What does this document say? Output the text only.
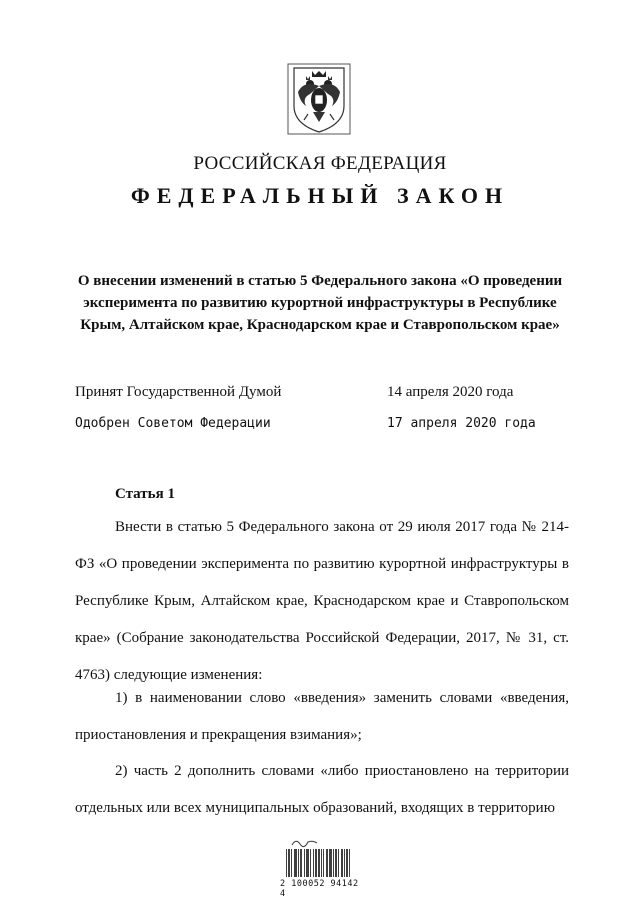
РОССИЙСКАЯ ФЕДЕРАЦИЯ
ФЕДЕРАЛЬНЫЙ ЗАКОН
О внесении изменений в статью 5 Федерального закона «О проведении эксперимента по развитию курортной инфраструктуры в Республике Крым, Алтайском крае, Краснодарском крае и Ставропольском крае»
Принят Государственной Думой	14 апреля 2020 года
Одобрен Советом Федерации	17 апреля 2020 года
Статья 1
Внести в статью 5 Федерального закона от 29 июля 2017 года № 214-ФЗ «О проведении эксперимента по развитию курортной инфраструктуры в Республике Крым, Алтайском крае, Краснодарском крае и Ставропольском крае» (Собрание законодательства Российской Федерации, 2017, № 31, ст. 4763) следующие изменения:
1) в наименовании слово «введения» заменить словами «введения, приостановления и прекращения взимания»;
2) часть 2 дополнить словами «либо приостановлено на территории отдельных или всех муниципальных образований, входящих в территорию
2 100052 94142 4
